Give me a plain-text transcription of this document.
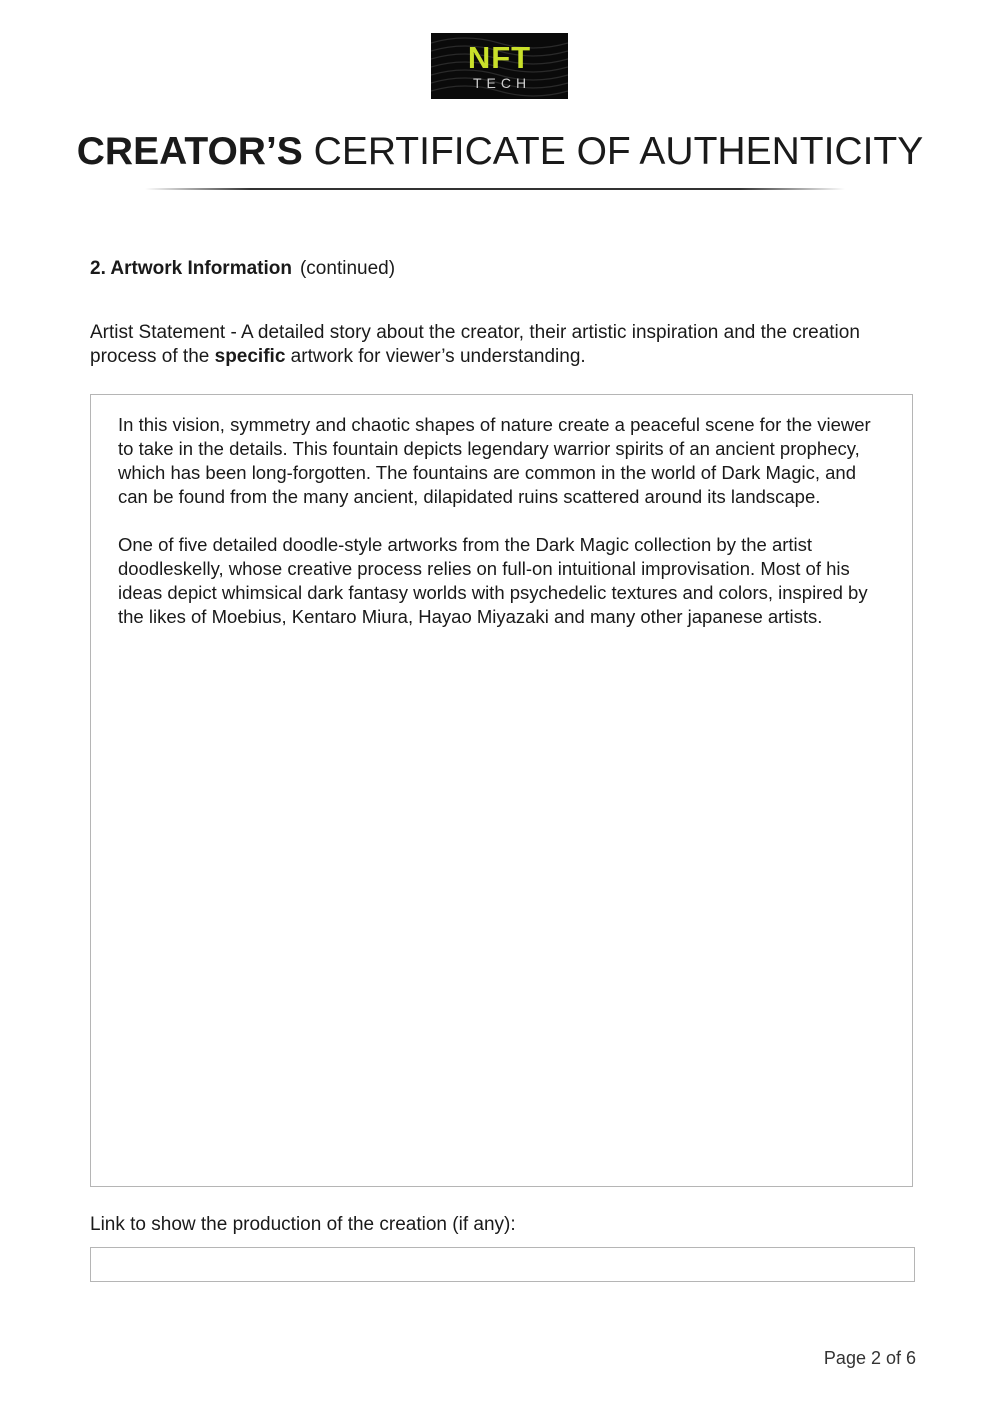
NFT
TECH
CREATOR’S CERTIFICATE OF AUTHENTICITY
2. Artwork Information (continued)
Artist Statement - A detailed story about the creator, their artistic inspiration and the creation process of the specific artwork for viewer’s understanding.

In this vision, symmetry and chaotic shapes of nature create a peaceful scene for the viewer to take in the details. This fountain depicts legendary warrior spirits of an ancient prophecy, which has been long-forgotten. The fountains are common in the world of Dark Magic, and can be found from the many ancient, dilapidated ruins scattered around its landscape.

One of five detailed doodle-style artworks from the Dark Magic collection by the artist doodleskelly, whose creative process relies on full-on intuitional improvisation. Most of his ideas depict whimsical dark fantasy worlds with psychedelic textures and colors, inspired by the likes of Moebius, Kentaro Miura, Hayao Miyazaki and many other japanese artists.

Link to show the production of the creation (if any):
Page 2 of 6
